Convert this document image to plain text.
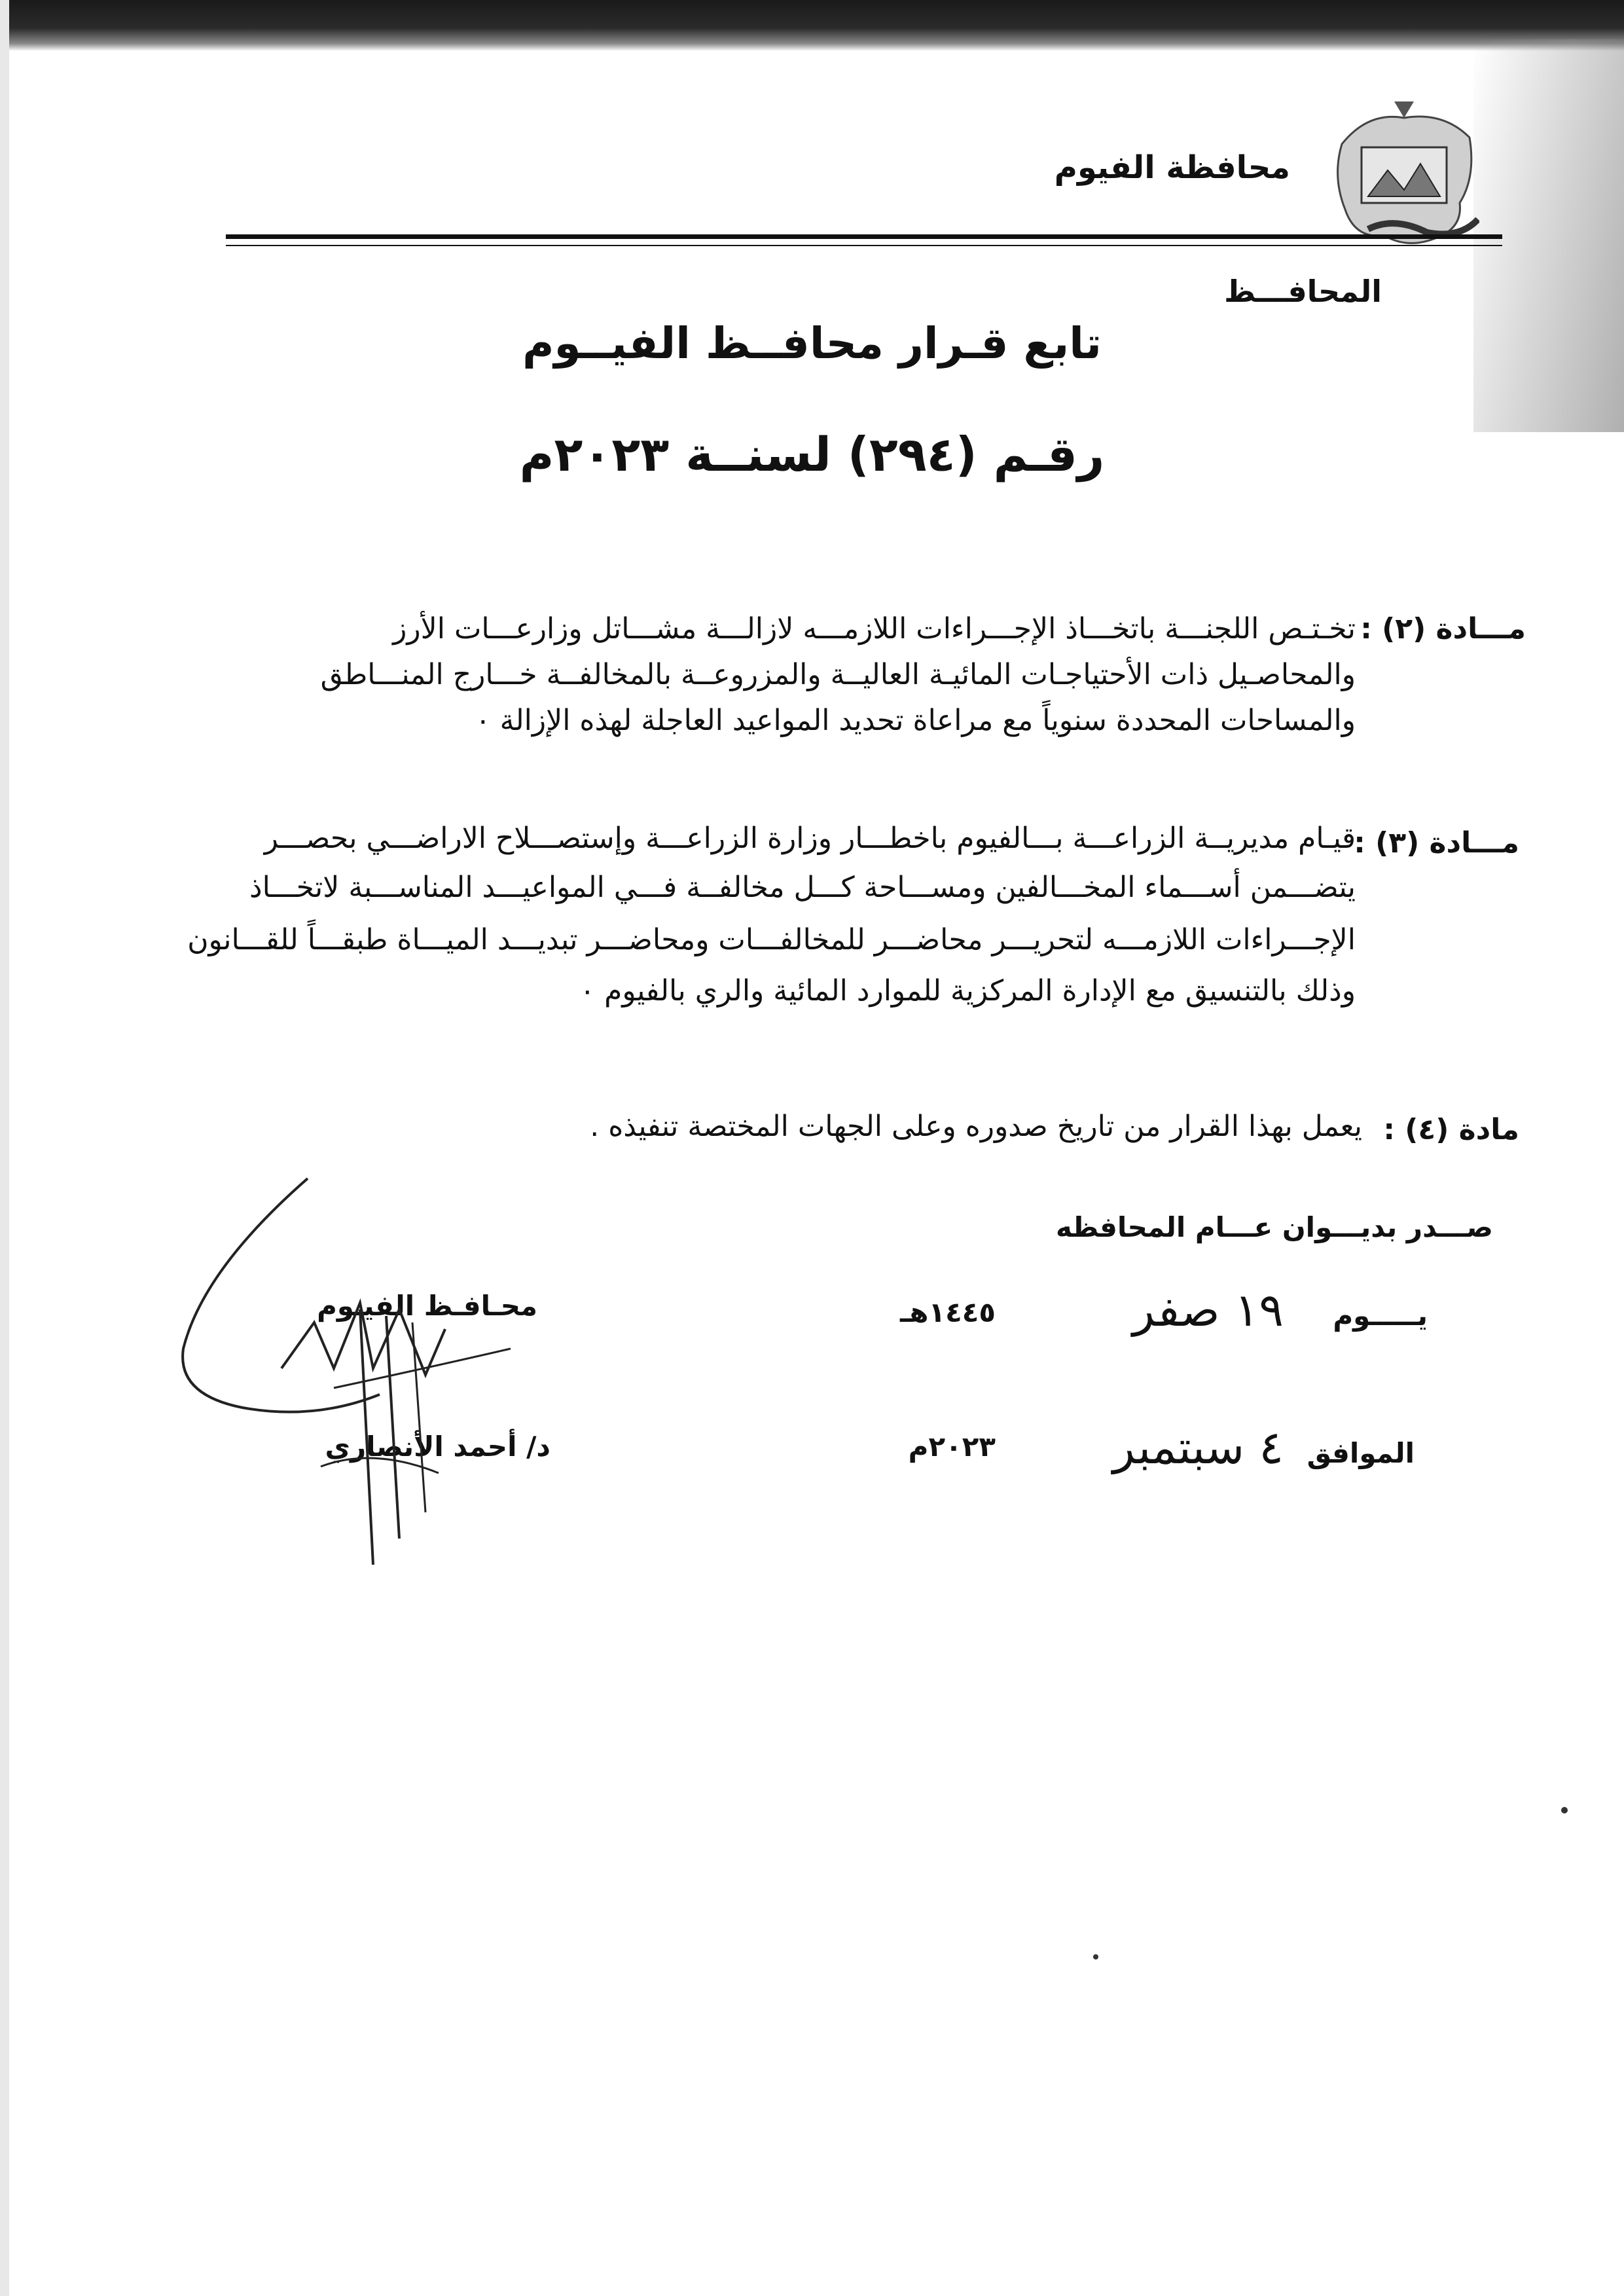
محافظة الفيوم
المحافـــظ
تابع قـرار محافــظ الفيــوم
رقـم (٢٩٤) لسنــة ٢٠٢٣م
مـــادة (٢) :
تخـتـص اللجنـــة باتخـــاذ الإجـــراءات اللازمـــه لازالـــة مشـــاتل وزارعـــات الأرز
والمحاصـيل ذات الأحتياجـات المائيـة العاليــة والمزروعــة بالمخالفــة خـــارج المنـــاطق
والمساحات المحددة سنوياً مع مراعاة تحديد المواعيد العاجلة لهذه الإزالة ٠
مـــادة (٣) :
قيـام مديريــة الزراعـــة بـــالفيوم باخطـــار وزارة الزراعـــة وإستصـــلاح الاراضـــي بحصـــر
يتضـــمن أســـماء المخـــالفين ومســـاحة كـــل مخالفــة فـــي المواعيـــد المناســـبة لاتخـــاذ
الإجـــراءات اللازمـــه لتحريـــر محاضـــر للمخالفـــات ومحاضـــر تبديـــد الميـــاة طبقـــاً للقـــانون
وذلك بالتنسيق مع الإدارة المركزية للموارد المائية والري بالفيوم ٠
مادة (٤) :
يعمل بهذا القرار من تاريخ صدوره وعلى الجهات المختصة تنفيذه .
صـــدر بديـــوان عـــام المحافظه
يـــــوم
١٩ صفر
١٤٤٥هـ
الموافق
٤ سبتمبر
٢٠٢٣م
محـافـظ الفيـوم
د/ أحمد الأنصاري
